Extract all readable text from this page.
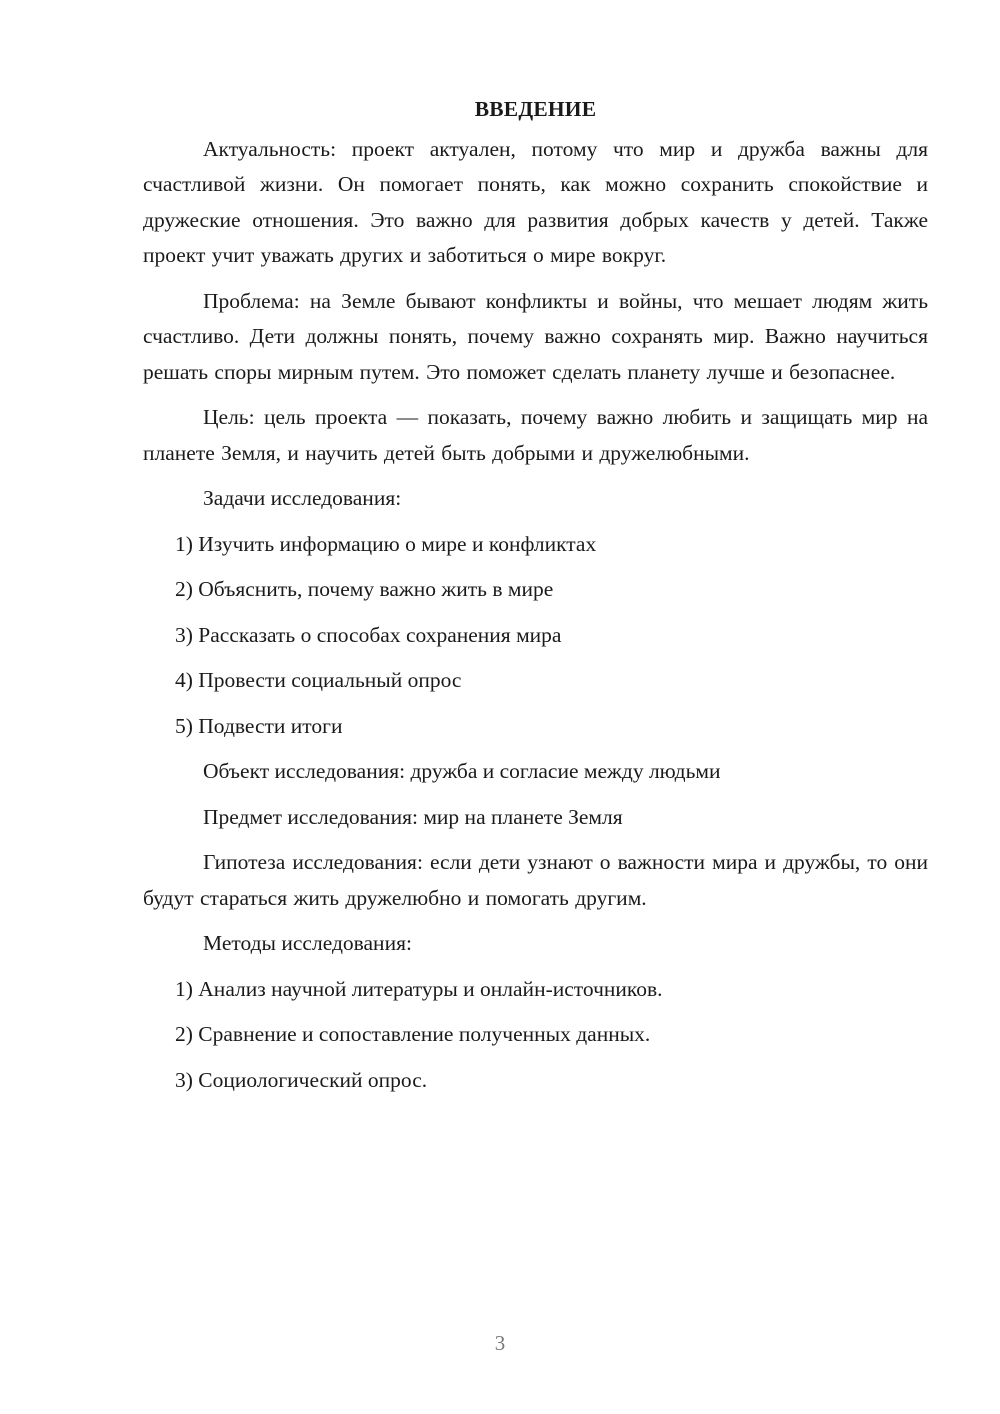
ВВЕДЕНИЕ

Актуальность: проект актуален, потому что мир и дружба важны для счастливой жизни. Он помогает понять, как можно сохранить спокойствие и дружеские отношения. Это важно для развития добрых качеств у детей. Также проект учит уважать других и заботиться о мире вокруг.

Проблема: на Земле бывают конфликты и войны, что мешает людям жить счастливо. Дети должны понять, почему важно сохранять мир. Важно научиться решать споры мирным путем. Это поможет сделать планету лучше и безопаснее.

Цель: цель проекта — показать, почему важно любить и защищать мир на планете Земля, и научить детей быть добрыми и дружелюбными.

Задачи исследования:

1) Изучить информацию о мире и конфликтах

2) Объяснить, почему важно жить в мире

3) Рассказать о способах сохранения мира

4) Провести социальный опрос

5) Подвести итоги

Объект исследования: дружба и согласие между людьми

Предмет исследования: мир на планете Земля

Гипотеза исследования: если дети узнают о важности мира и дружбы, то они будут стараться жить дружелюбно и помогать другим.

Методы исследования:

1) Анализ научной литературы и онлайн-источников.

2) Сравнение и сопоставление полученных данных.

3) Социологический опрос.

3
